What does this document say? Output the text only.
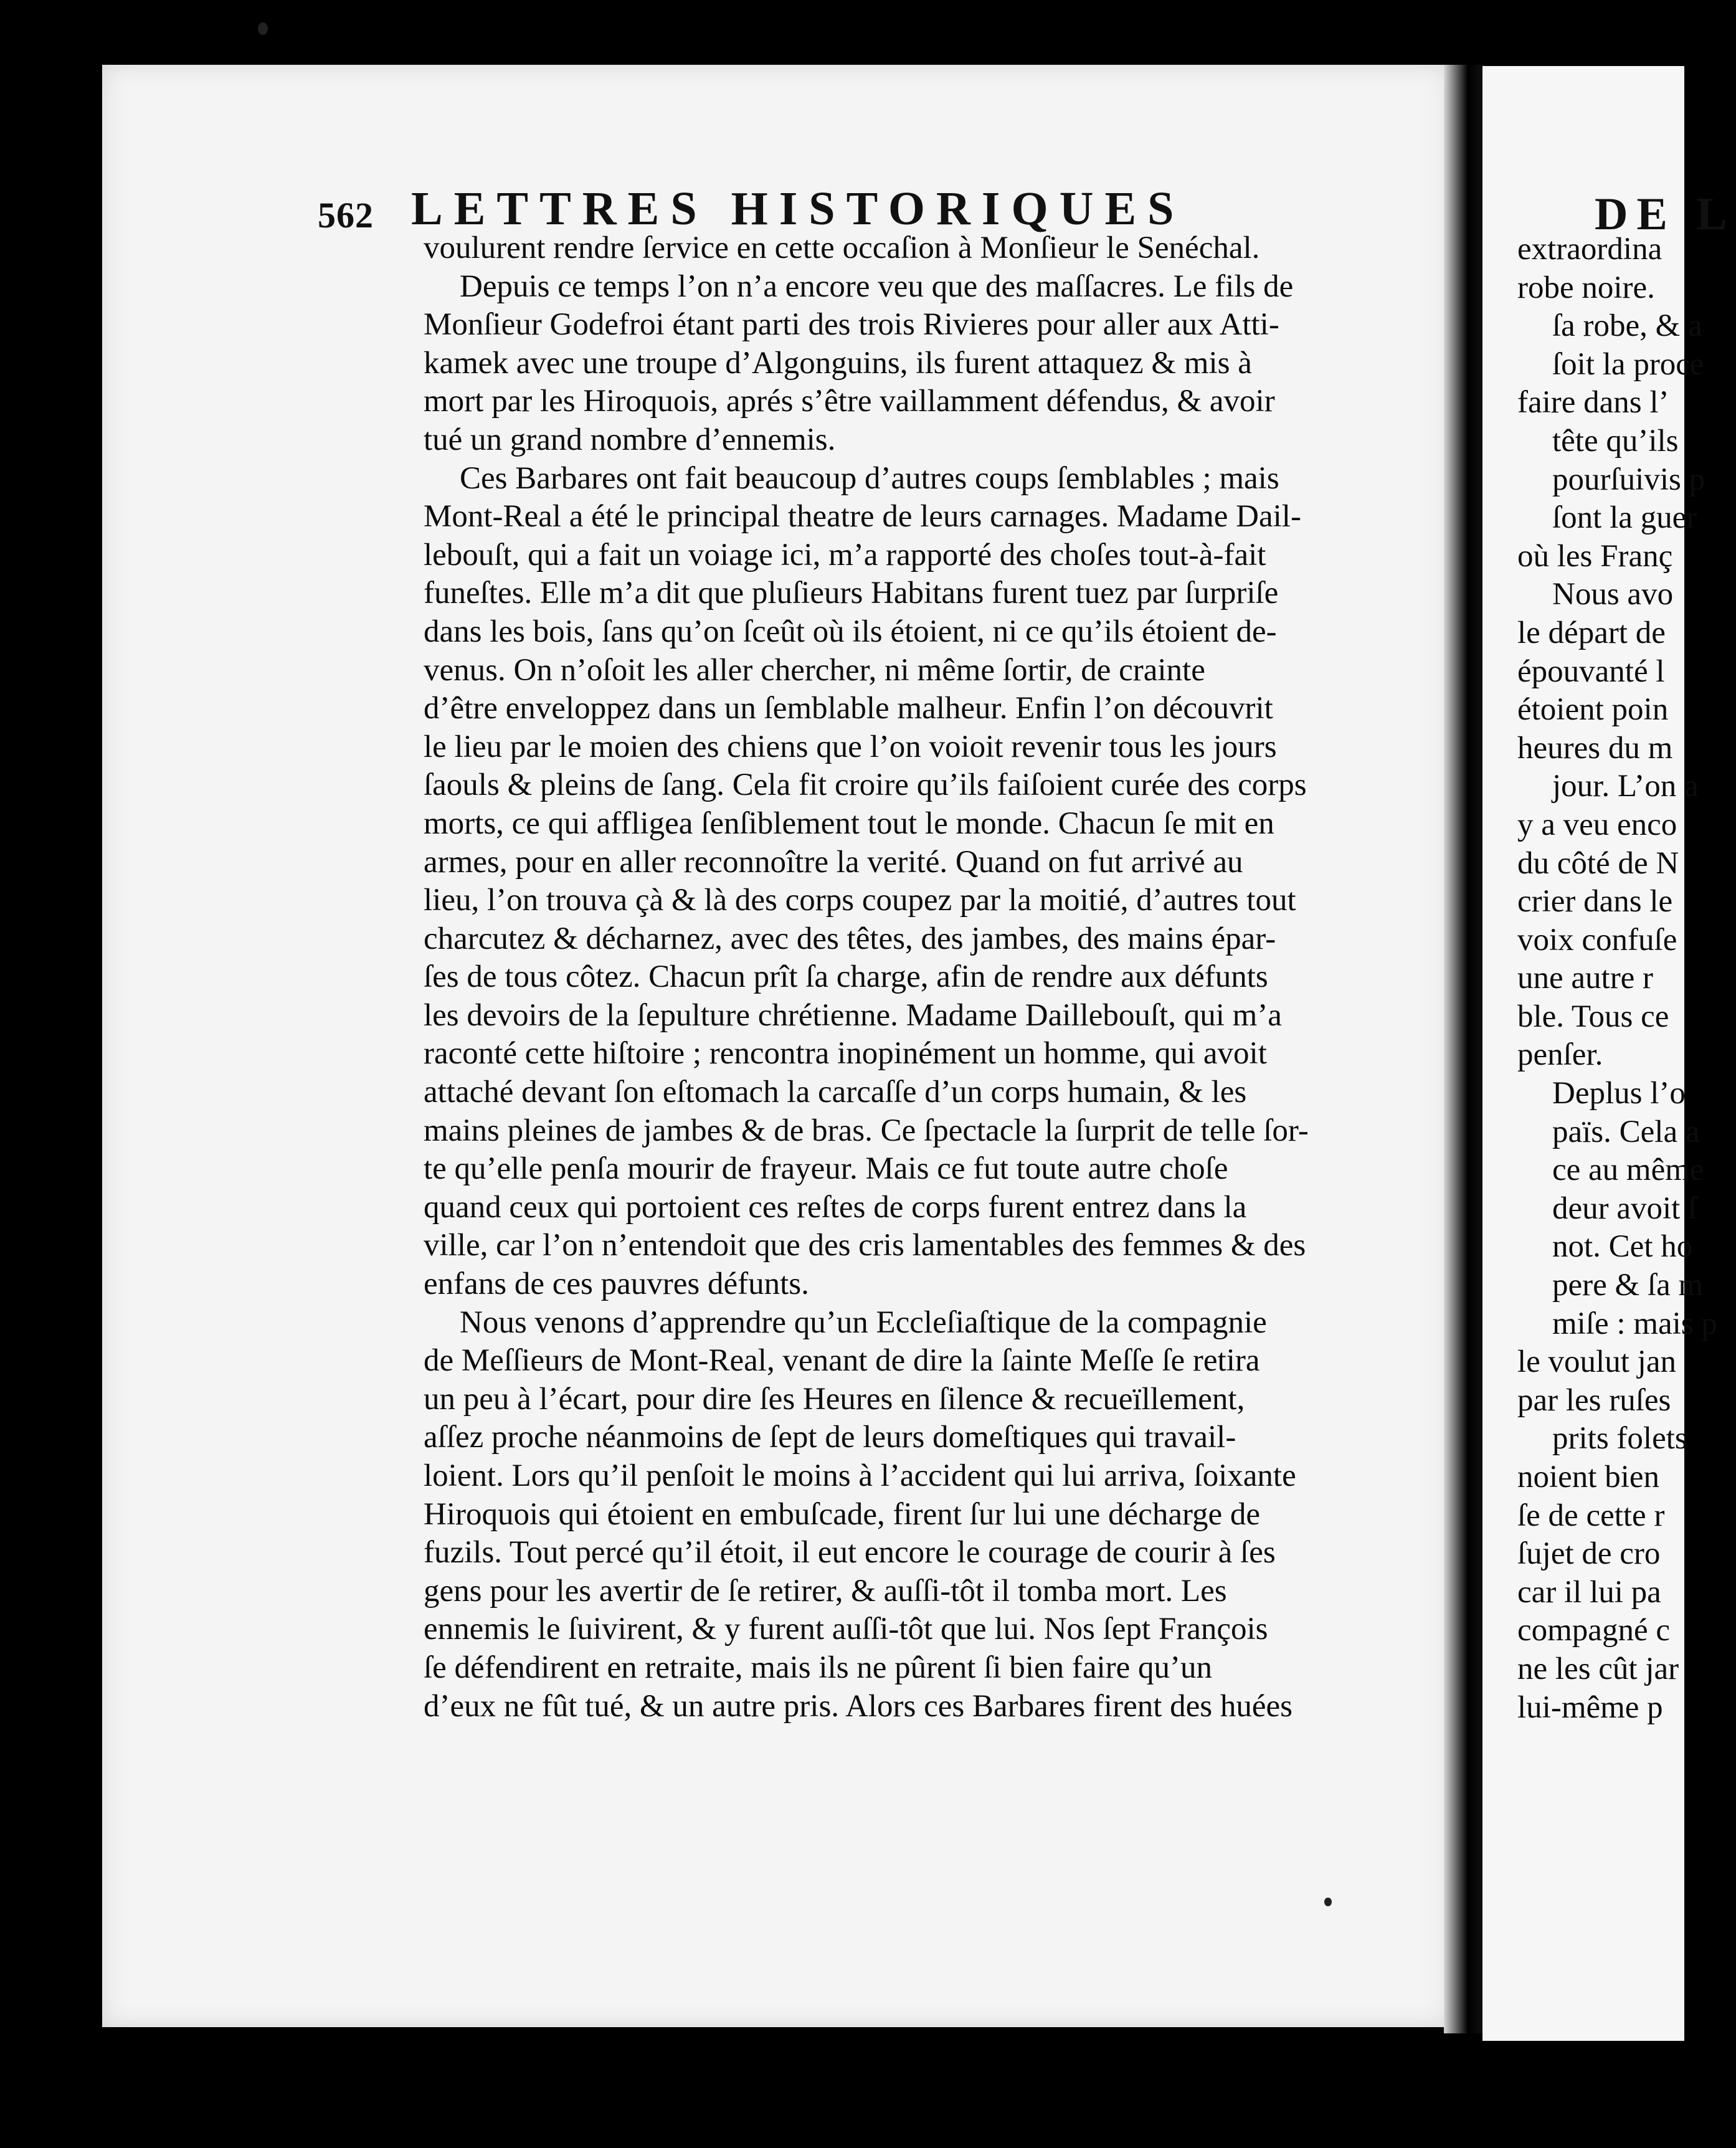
562 LETTRES HISTORIQUES
voulurent rendre ſervice en cette occaſion à Monſieur le Senéchal.
Depuis ce temps l’on n’a encore veu que des maſſacres. Le fils de
Monſieur Godefroi étant parti des trois Rivieres pour aller aux Atti-
kamek avec une troupe d’Algonguins, ils furent attaquez & mis à
mort par les Hiroquois, aprés s’être vaillamment défendus, & avoir
tué un grand nombre d’ennemis.
Ces Barbares ont fait beaucoup d’autres coups ſemblables ; mais
Mont-Real a été le principal theatre de leurs carnages. Madame Dail-
lebouſt, qui a fait un voiage ici, m’a rapporté des choſes tout-à-fait
funeſtes. Elle m’a dit que pluſieurs Habitans furent tuez par ſurpriſe
dans les bois, ſans qu’on ſceût où ils étoient, ni ce qu’ils étoient de-
venus. On n’oſoit les aller chercher, ni même ſortir, de crainte
d’être enveloppez dans un ſemblable malheur. Enfin l’on découvrit
le lieu par le moien des chiens que l’on voioit revenir tous les jours
ſaouls & pleins de ſang. Cela fit croire qu’ils faiſoient curée des corps
morts, ce qui affligea ſenſiblement tout le monde. Chacun ſe mit en
armes, pour en aller reconnoître la verité. Quand on fut arrivé au
lieu, l’on trouva çà & là des corps coupez par la moitié, d’autres tout
charcutez & décharnez, avec des têtes, des jambes, des mains épar-
ſes de tous côtez. Chacun prît ſa charge, afin de rendre aux défunts
les devoirs de la ſepulture chrétienne. Madame Daillebouſt, qui m’a
raconté cette hiſtoire ; rencontra inopinément un homme, qui avoit
attaché devant ſon eſtomach la carcaſſe d’un corps humain, & les
mains pleines de jambes & de bras. Ce ſpectacle la ſurprit de telle ſor-
te qu’elle penſa mourir de frayeur. Mais ce fut toute autre choſe
quand ceux qui portoient ces reſtes de corps furent entrez dans la
ville, car l’on n’entendoit que des cris lamentables des femmes & des
enfans de ces pauvres défunts.
Nous venons d’apprendre qu’un Eccleſiaſtique de la compagnie
de Meſſieurs de Mont-Real, venant de dire la ſainte Meſſe ſe retira
un peu à l’écart, pour dire ſes Heures en ſilence & recueïllement,
aſſez proche néanmoins de ſept de leurs domeſtiques qui travail-
loient. Lors qu’il penſoit le moins à l’accident qui lui arriva, ſoixante
Hiroquois qui étoient en embuſcade, firent ſur lui une décharge de
fuzils. Tout percé qu’il étoit, il eut encore le courage de courir à ſes
gens pour les avertir de ſe retirer, & auſſi-tôt il tomba mort. Les
ennemis le ſuivirent, & y furent auſſi-tôt que lui. Nos ſept François
ſe défendirent en retraite, mais ils ne pûrent ſi bien faire qu’un
d’eux ne fût tué, & un autre pris. Alors ces Barbares firent des huées
DE L
extraordina
robe noire.
ſa robe, & a
ſoit la proce
faire dans l’
tête qu’ils
pourſuivis p
ſont la guer
où les Franç
Nous avo
le départ de
épouvanté l
étoient poin
heures du m
jour. L’on a
y a veu enco
du côté de N
crier dans le
voix confuſe
une autre r
ble. Tous ce
penſer.
Deplus l’o
païs. Cela a
ce au même
deur avoit ſ
not. Cet ho
pere & ſa m
miſe : mais p
le voulut jan
par les ruſes
prits folets
noient bien
ſe de cette r
ſujet de cro
car il lui pa
compagné c
ne les cût jar
lui-même p
